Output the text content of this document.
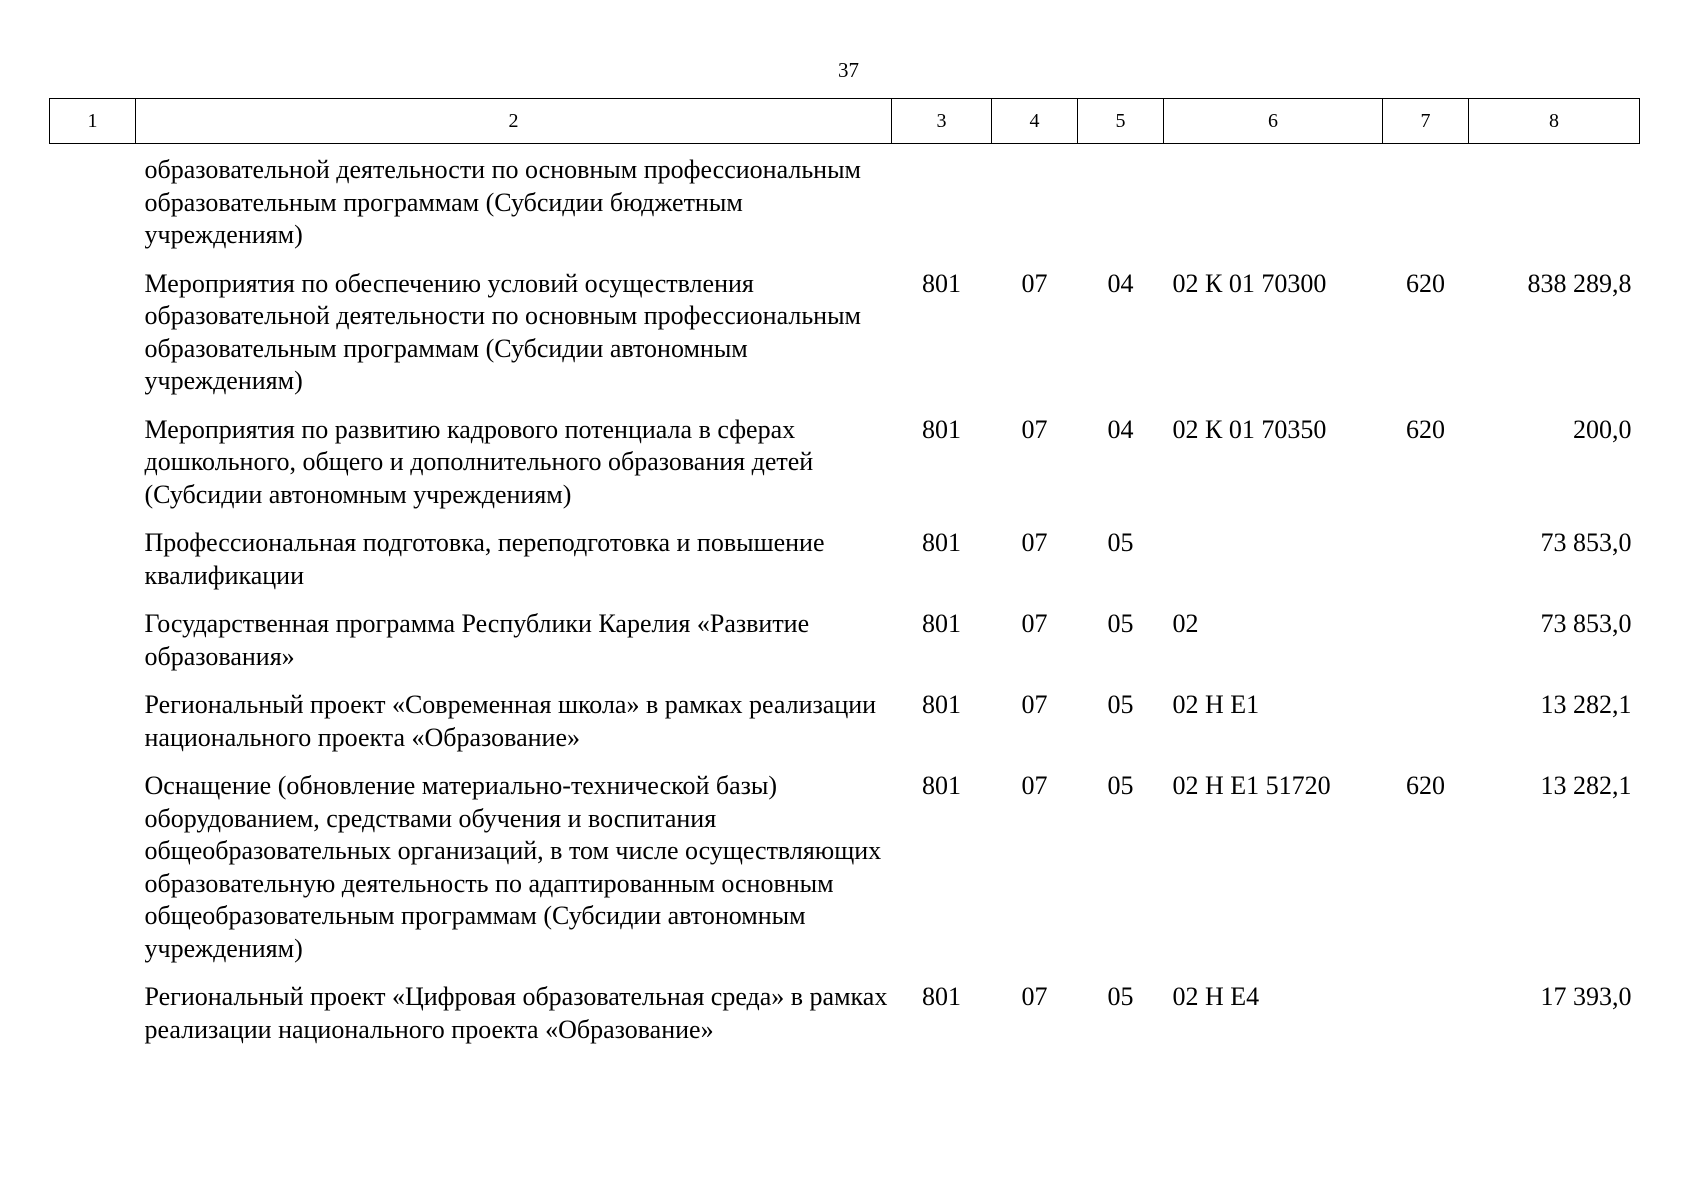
37
1	2	3	4	5	6	7	8
	образовательной деятельности по основным профессиональным образовательным программам (Субсидии бюджетным учреждениям)						
	Мероприятия по обеспечению условий осуществления образовательной деятельности по основным профессиональным образовательным программам (Субсидии автономным учреждениям)	801	07	04	02 К 01 70300	620	838 289,8
	Мероприятия по развитию кадрового потенциала в сферах дошкольного, общего и дополнительного образования детей (Субсидии автономным учреждениям)	801	07	04	02 К 01 70350	620	200,0
	Профессиональная подготовка, переподготовка и повышение квалификации	801	07	05			73 853,0
	Государственная программа Республики Карелия «Развитие образования»	801	07	05	02		73 853,0
	Региональный проект «Современная школа» в рамках реализации национального проекта «Образование»	801	07	05	02 Н Е1		13 282,1
	Оснащение (обновление материально-технической базы) оборудованием, средствами обучения и воспитания общеобразовательных организаций, в том числе осуществляющих образовательную деятельность по адаптированным основным общеобразовательным программам (Субсидии автономным учреждениям)	801	07	05	02 Н Е1 51720	620	13 282,1
	Региональный проект «Цифровая образовательная среда» в рамках реализации национального проекта «Образование»	801	07	05	02 Н Е4		17 393,0
